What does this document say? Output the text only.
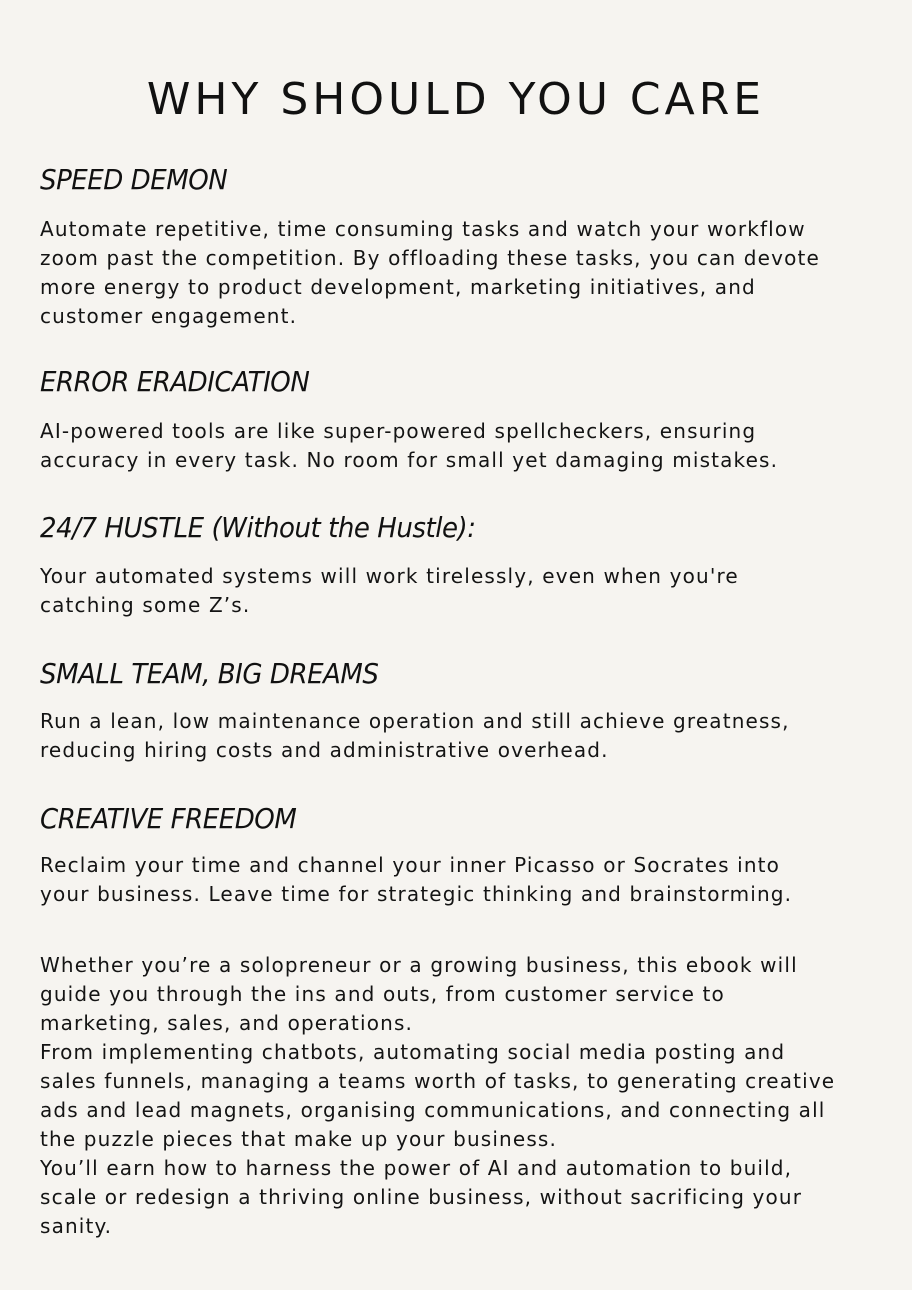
WHY SHOULD YOU CARE
SPEED DEMON

Automate repetitive, time consuming tasks and watch your workflow
zoom past the competition. By offloading these tasks, you can devote
more energy to product development, marketing initiatives, and
customer engagement.

ERROR ERADICATION

AI-powered tools are like super-powered spellcheckers, ensuring
accuracy in every task. No room for small yet damaging mistakes.

24/7 HUSTLE (Without the Hustle):

Your automated systems will work tirelessly, even when you're
catching some Z’s.

SMALL TEAM, BIG DREAMS

Run a lean, low maintenance operation and still achieve greatness,
reducing hiring costs and administrative overhead.

CREATIVE FREEDOM

Reclaim your time and channel your inner Picasso or Socrates into
your business. Leave time for strategic thinking and brainstorming.

Whether you’re a solopreneur or a growing business, this ebook will
guide you through the ins and outs, from customer service to
marketing, sales, and operations.
From implementing chatbots, automating social media posting and
sales funnels, managing a teams worth of tasks, to generating creative
ads and lead magnets, organising communications, and connecting all
the puzzle pieces that make up your business.
You’ll earn how to harness the power of AI and automation to build,
scale or redesign a thriving online business, without sacrificing your
sanity.
